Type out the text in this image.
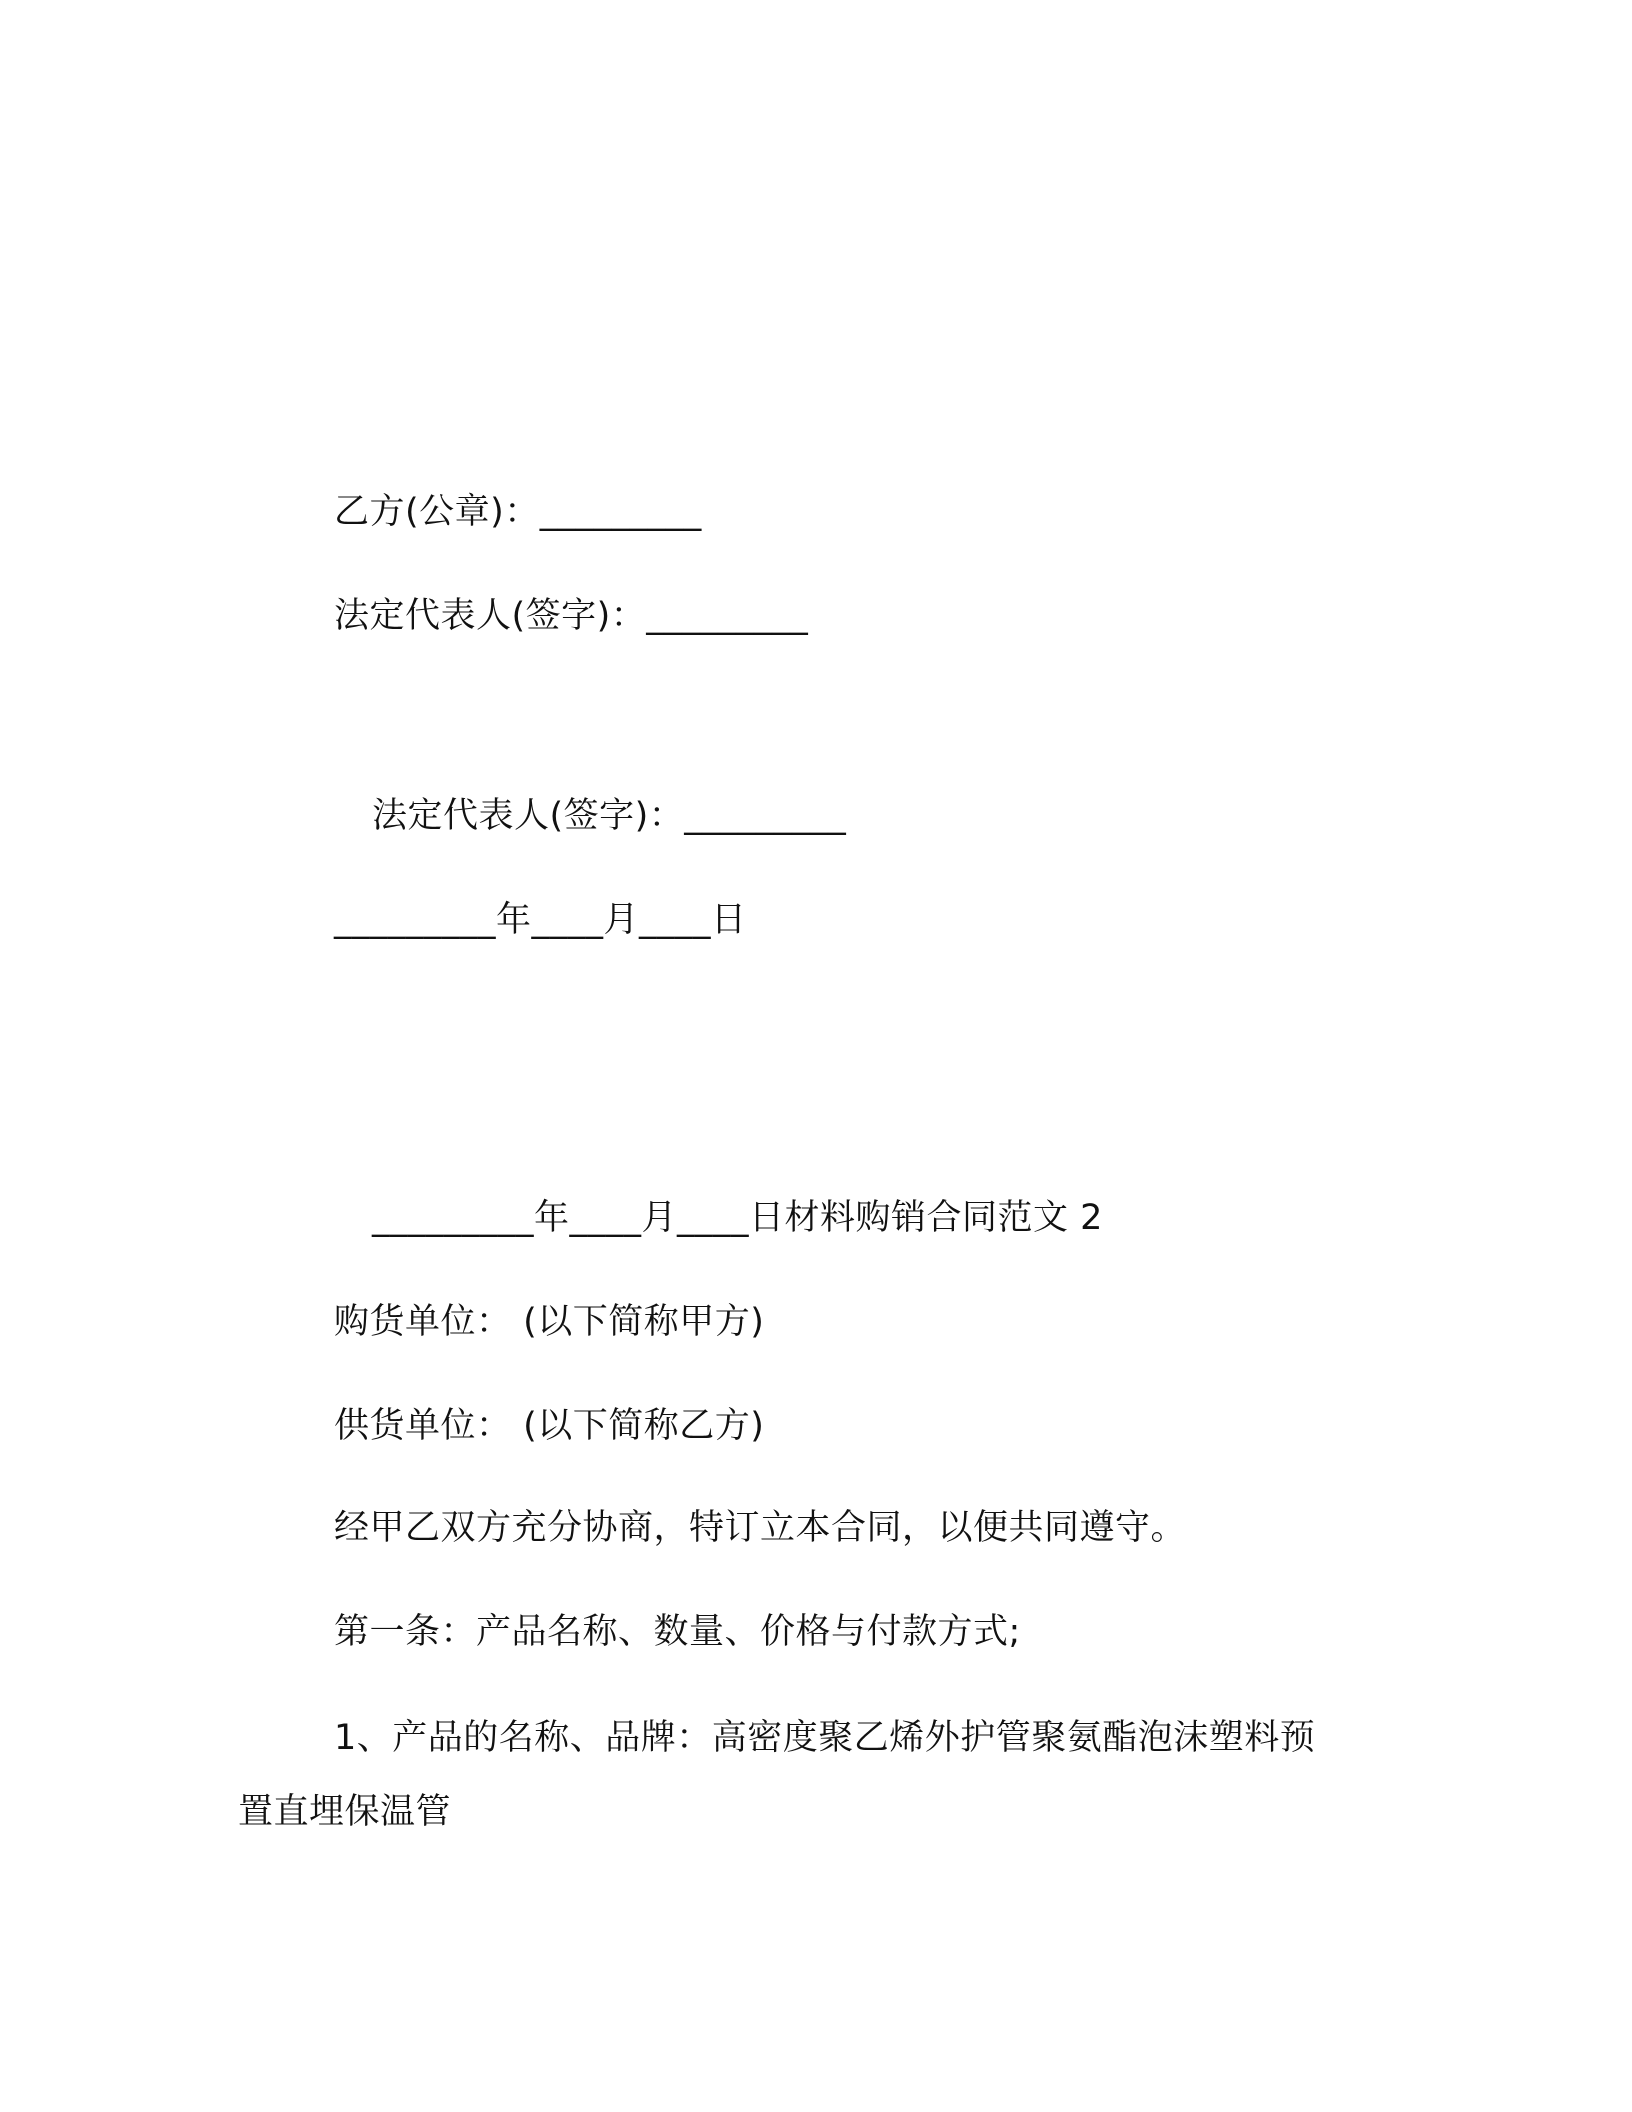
乙方(公章)：_________
法定代表人(签字)：_________
法定代表人(签字)：_________
_________年____月____日
_________年____月____日材料购销合同范文 2
购货单位： (以下简称甲方)
供货单位： (以下简称乙方)
经甲乙双方充分协商，特订立本合同，以便共同遵守。
第一条：产品名称、数量、价格与付款方式;
1、产品的名称、品牌：高密度聚乙烯外护管聚氨酯泡沫塑料预
置直埋保温管
